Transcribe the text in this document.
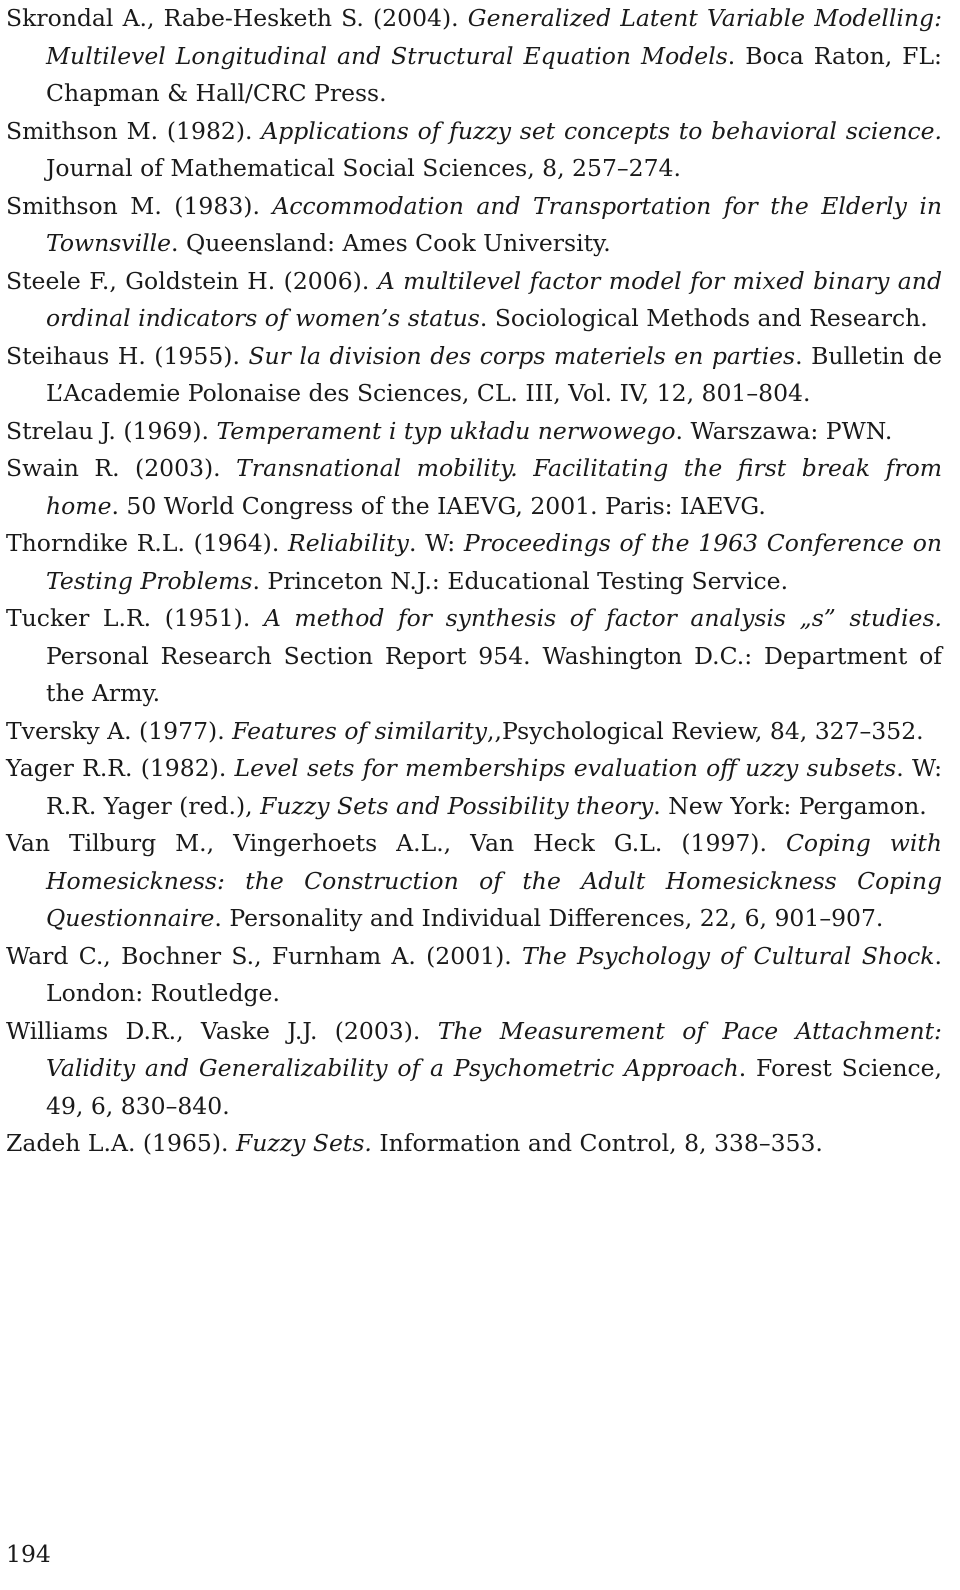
Skrondal A., Rabe-Hesketh S. (2004). Generalized Latent Variable Modelling: Multilevel Longitudinal and Structural Equation Models. Boca Raton, FL: Chapman & Hall/CRC Press.

Smithson M. (1982). Applications of fuzzy set concepts to behavioral science. Journal of Mathematical Social Sciences, 8, 257–274.

Smithson M. (1983). Accommodation and Transportation for the Elderly in Townsville. Queensland: Ames Cook University.

Steele F., Goldstein H. (2006). A multilevel factor model for mixed binary and ordinal indicators of women’s status. Sociological Methods and Research.

Steihaus H. (1955). Sur la division des corps materiels en parties. Bulletin de L’Academie Polonaise des Sciences, CL. III, Vol. IV, 12, 801–804.

Strelau J. (1969). Temperament i typ układu nerwowego. Warszawa: PWN.

Swain R. (2003). Transnational mobility. Facilitating the first break from home. 50 World Congress of the IAEVG, 2001. Paris: IAEVG.

Thorndike R.L. (1964). Reliability. W: Proceedings of the 1963 Conference on Testing Problems. Princeton N.J.: Educational Testing Service.

Tucker L.R. (1951). A method for synthesis of factor analysis „s” studies. Personal Research Section Report 954. Washington D.C.: Department of the Army.

Tversky A. (1977). Features of similarity,,Psychological Review, 84, 327–352.

Yager R.R. (1982). Level sets for memberships evaluation off uzzy subsets. W: R.R. Yager (red.), Fuzzy Sets and Possibility theory. New York: Pergamon.

Van Tilburg M., Vingerhoets A.L., Van Heck G.L. (1997). Coping with Homesickness: the Construction of the Adult Homesickness Coping Questionnaire. Personality and Individual Differences, 22, 6, 901–907.

Ward C., Bochner S., Furnham A. (2001). The Psychology of Cultural Shock. London: Routledge.

Williams D.R., Vaske J.J. (2003). The Measurement of Pace Attachment: Validity and Generalizability of a Psychometric Approach. Forest Science, 49, 6, 830–840.

Zadeh L.A. (1965). Fuzzy Sets. Information and Control, 8, 338–353.

194
